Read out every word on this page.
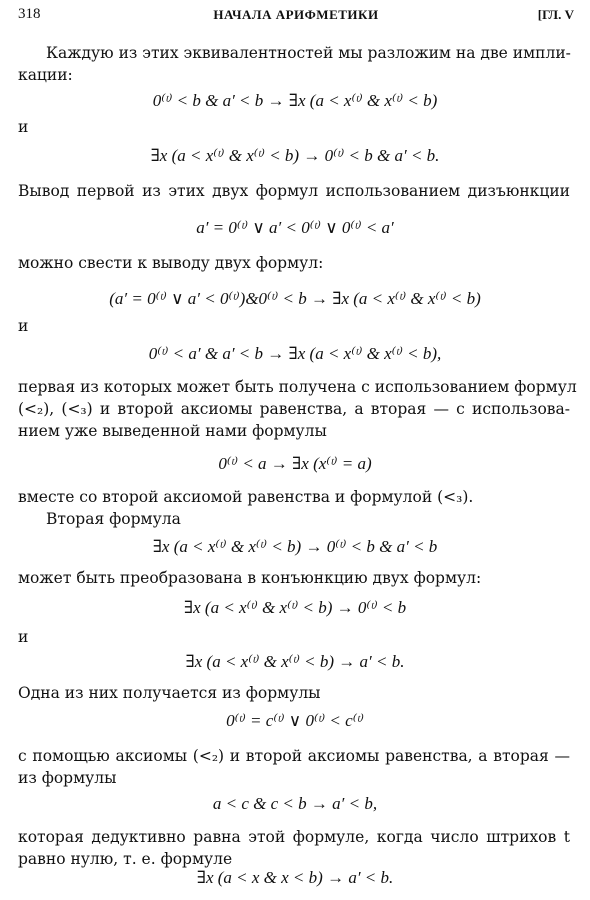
318	НАЧАЛА АРИФМЕТИКИ	[ГЛ. V
Каждую из этих эквивалентностей мы разложим на две импли-
кации:
0⁽ᵗ⁾ < b & a′ < b → ∃x (a < x⁽ᵗ⁾ & x⁽ᵗ⁾ < b)
и
∃x (a < x⁽ᵗ⁾ & x⁽ᵗ⁾ < b) → 0⁽ᵗ⁾ < b & a′ < b.
Вывод первой из этих двух формул использованием дизъюнкции
a′ = 0⁽ᵗ⁾ ∨ a′ < 0⁽ᵗ⁾ ∨ 0⁽ᵗ⁾ < a′
можно свести к выводу двух формул:
(a′ = 0⁽ᵗ⁾ ∨ a′ < 0⁽ᵗ⁾)&0⁽ᵗ⁾ < b → ∃x (a < x⁽ᵗ⁾ & x⁽ᵗ⁾ < b)
и
0⁽ᵗ⁾ < a′ & a′ < b → ∃x (a < x⁽ᵗ⁾ & x⁽ᵗ⁾ < b),
первая из которых может быть получена с использованием формул
(<₂), (<₃) и второй аксиомы равенства, а вторая — с использова-
нием уже выведенной нами формулы
0⁽ᵗ⁾ < a → ∃x (x⁽ᵗ⁾ = a)
вместе со второй аксиомой равенства и формулой (<₃).
Вторая формула
∃x (a < x⁽ᵗ⁾ & x⁽ᵗ⁾ < b) → 0⁽ᵗ⁾ < b & a′ < b
может быть преобразована в конъюнкцию двух формул:
∃x (a < x⁽ᵗ⁾ & x⁽ᵗ⁾ < b) → 0⁽ᵗ⁾ < b
и
∃x (a < x⁽ᵗ⁾ & x⁽ᵗ⁾ < b) → a′ < b.
Одна из них получается из формулы
0⁽ᵗ⁾ = c⁽ᵗ⁾ ∨ 0⁽ᵗ⁾ < c⁽ᵗ⁾
с помощью аксиомы (<₂) и второй аксиомы равенства, а вторая —
из формулы
a < c & c < b → a′ < b,
которая дедуктивно равна этой формуле, когда число штрихов t
равно нулю, т. е. формуле
∃x (a < x & x < b) → a′ < b.
